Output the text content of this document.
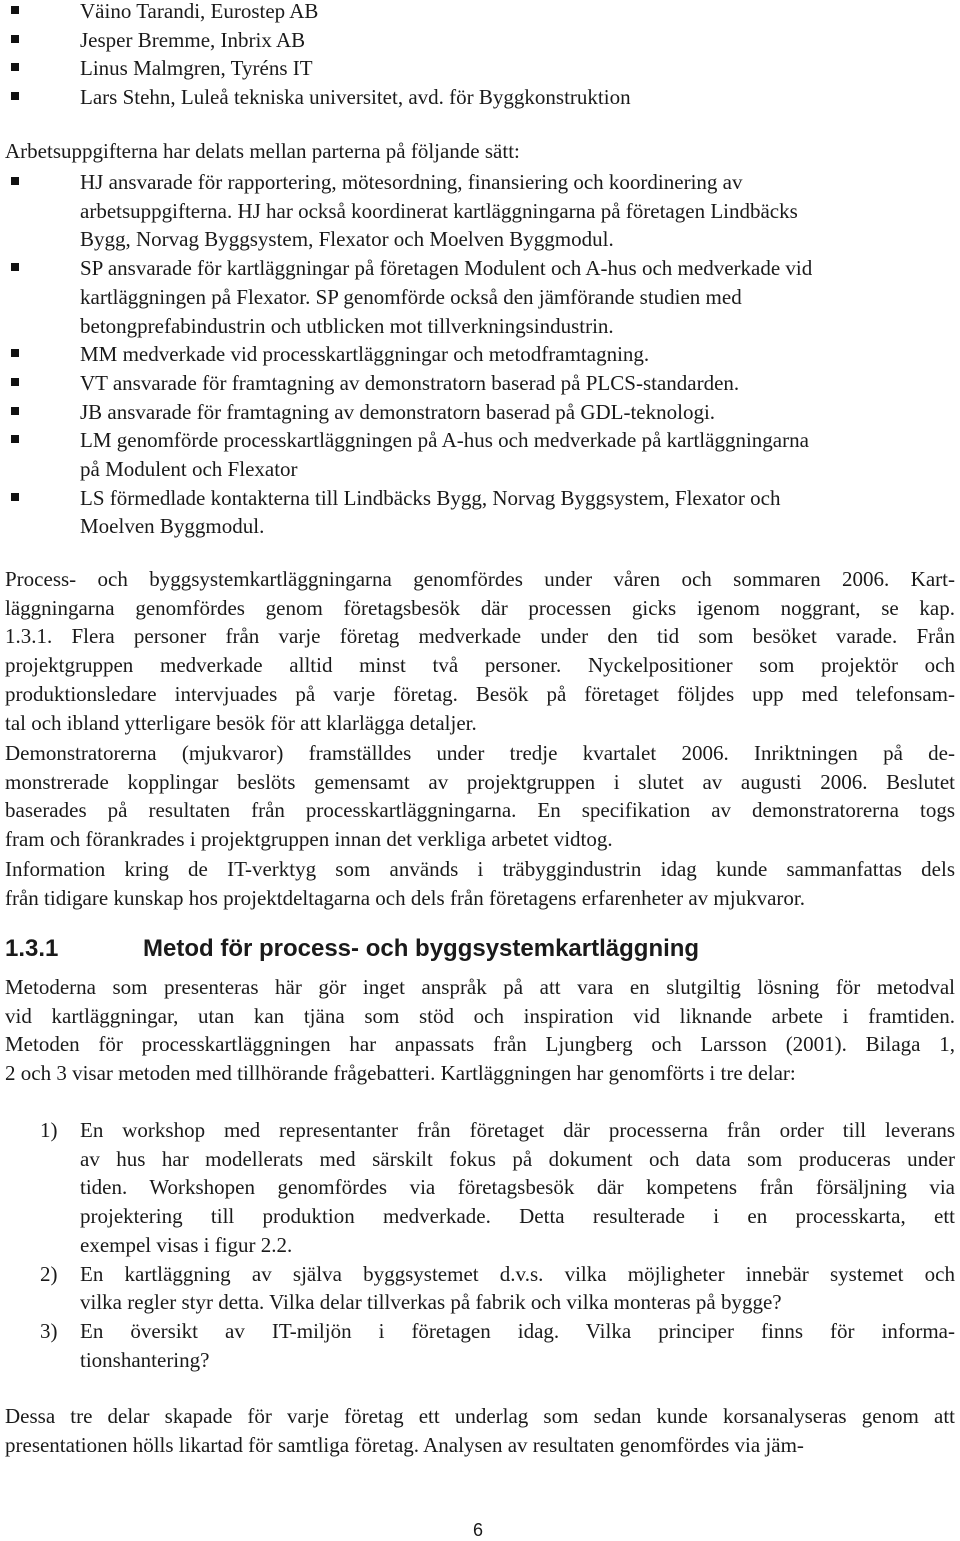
Väino Tarandi, Eurostep AB
Jesper Bremme, Inbrix AB
Linus Malmgren, Tyréns IT
Lars Stehn, Luleå tekniska universitet, avd. för Byggkonstruktion
Arbetsuppgifterna har delats mellan parterna på följande sätt:
HJ ansvarade för rapportering, mötesordning, finansiering och koordinering av
arbetsuppgifterna. HJ har också koordinerat kartläggningarna på företagen Lindbäcks
Bygg, Norvag Byggsystem, Flexator och Moelven Byggmodul.
SP ansvarade för kartläggningar på företagen Modulent och A-hus och medverkade vid
kartläggningen på Flexator. SP genomförde också den jämförande studien med
betongprefabindustrin och utblicken mot tillverkningsindustrin.
MM medverkade vid processkartläggningar och metodframtagning.
VT ansvarade för framtagning av demonstratorn baserad på PLCS-standarden.
JB ansvarade för framtagning av demonstratorn baserad på GDL-teknologi.
LM genomförde processkartläggningen på A-hus och medverkade på kartläggningarna
på Modulent och Flexator
LS förmedlade kontakterna till Lindbäcks Bygg, Norvag Byggsystem, Flexator och
Moelven Byggmodul.
Process- och byggsystemkartläggningarna genomfördes under våren och sommaren 2006. Kart-
läggningarna genomfördes genom företagsbesök där processen gicks igenom noggrant, se kap.
1.3.1. Flera personer från varje företag medverkade under den tid som besöket varade. Från
projektgruppen medverkade alltid minst två personer. Nyckelpositioner som projektör och
produktionsledare intervjuades på varje företag. Besök på företaget följdes upp med telefonsam-
tal och ibland ytterligare besök för att klarlägga detaljer.
Demonstratorerna (mjukvaror) framställdes under tredje kvartalet 2006. Inriktningen på de-
monstrerade kopplingar beslöts gemensamt av projektgruppen i slutet av augusti 2006. Beslutet
baserades på resultaten från processkartläggningarna. En specifikation av demonstratorerna togs
fram och förankrades i projektgruppen innan det verkliga arbetet vidtog.
Information kring de IT-verktyg som används i träbyggindustrin idag kunde sammanfattas dels
från tidigare kunskap hos projektdeltagarna och dels från företagens erfarenheter av mjukvaror.
1.3.1	Metod för process- och byggsystemkartläggning
Metoderna som presenteras här gör inget anspråk på att vara en slutgiltig lösning för metodval
vid kartläggningar, utan kan tjäna som stöd och inspiration vid liknande arbete i framtiden.
Metoden för processkartläggningen har anpassats från Ljungberg och Larsson (2001). Bilaga 1,
2 och 3 visar metoden med tillhörande frågebatteri. Kartläggningen har genomförts i tre delar:
1) En workshop med representanter från företaget där processerna från order till leverans
av hus har modellerats med särskilt fokus på dokument och data som produceras under
tiden. Workshopen genomfördes via företagsbesök där kompetens från försäljning via
projektering till produktion medverkade. Detta resulterade i en processkarta, ett
exempel visas i figur 2.2.
2) En kartläggning av själva byggsystemet d.v.s. vilka möjligheter innebär systemet och
vilka regler styr detta. Vilka delar tillverkas på fabrik och vilka monteras på bygge?
3) En översikt av IT-miljön i företagen idag. Vilka principer finns för informa-
tionshantering?
Dessa tre delar skapade för varje företag ett underlag som sedan kunde korsanalyseras genom att
presentationen hölls likartad för samtliga företag. Analysen av resultaten genomfördes via jäm-
6
